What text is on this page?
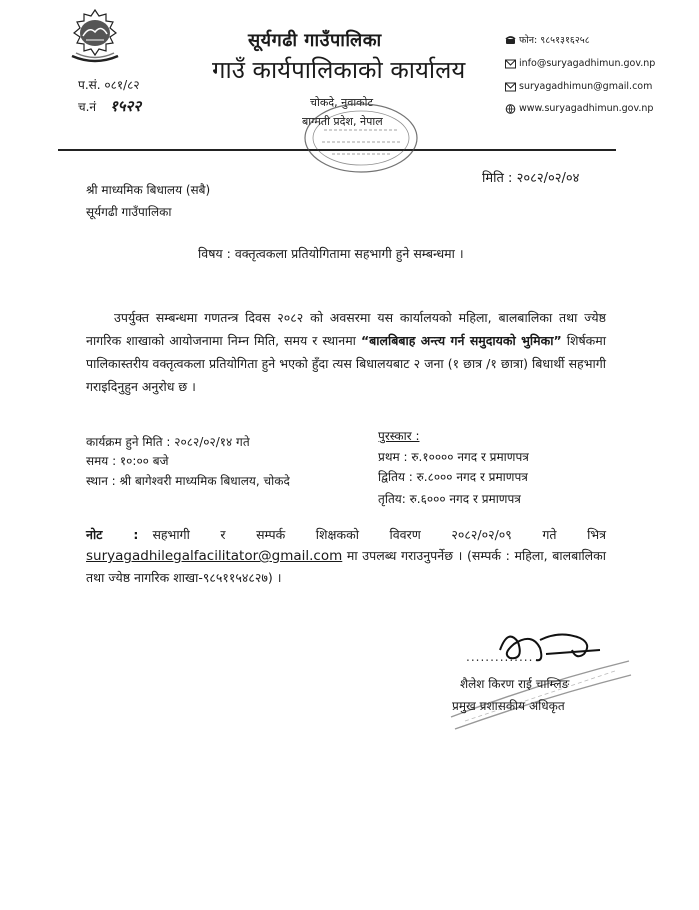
सूर्यगढी गाउँपालिका
गाउँ कार्यपालिकाको कार्यालय
चोकदे, नुवाकोट
बाग्मती प्रदेश, नेपाल
प.सं. ०८१/८२
च.नं १५२२
फोन: ९८५१३१६२५८
info@suryagadhimun.gov.np
suryagadhimun@gmail.com
www.suryagadhimun.gov.np
मिति : २०८२/०२/०४
श्री माध्यमिक बिधालय (सबै)
सूर्यगढी गाउँपालिका
विषय : वक्तृत्वकला प्रतियोगितामा सहभागी हुने सम्बन्धमा ।

उपर्युक्त सम्बन्धमा गणतन्त्र दिवस २०८२ को अवसरमा यस कार्यालयको महिला, बालबालिका तथा ज्येष्ठ नागरिक शाखाको आयोजनामा निम्न मिति, समय र स्थानमा “बालबिबाह अन्त्य गर्न समुदायको भुमिका” शिर्षकमा पालिकास्तरीय वक्तृत्वकला प्रतियोगिता हुने भएको हुँदा त्यस बिधालयबाट २ जना (१ छात्र /१ छात्रा) बिधार्थी सहभागी गराइदिनुहुन अनुरोध छ ।

कार्यक्रम हुने मिति : २०८२/०२/१४ गते
समय : १०:०० बजे
स्थान : श्री बागेश्वरी माध्यमिक बिधालय, चोकदे
पुरस्कार :
प्रथम : रु.१०००० नगद र प्रमाणपत्र
द्वितिय : रु.८००० नगद र प्रमाणपत्र
तृतिय: रु.६००० नगद र प्रमाणपत्र
नोट : सहभागी र सम्पर्क शिक्षकको विवरण २०८२/०२/०९ गते भित्र suryagadhilegalfacilitator@gmail.com मा उपलब्ध गराउनुपर्नेछ । (सम्पर्क : महिला, बालबालिका तथा ज्येष्ठ नागरिक शाखा-९८५११५४८२७) ।
..............
शैलेश किरण राई चाम्लिङ
प्रमुख प्रशासकीय अधिकृत
